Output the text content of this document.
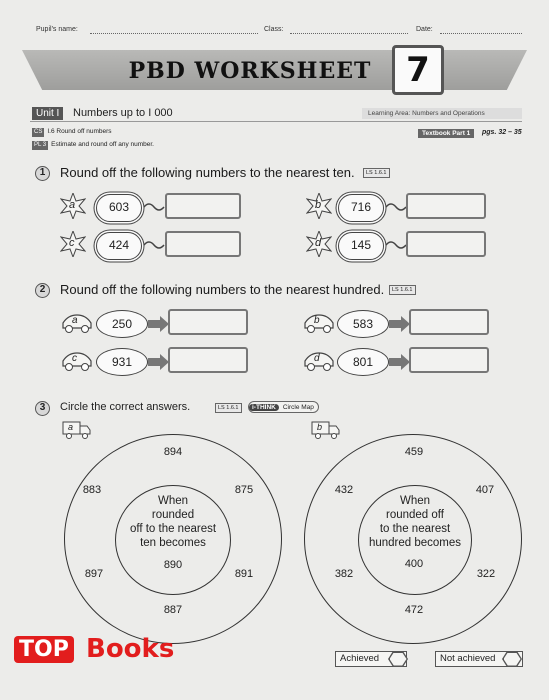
Pupil's name:	Class:	Date:
PBD WORKSHEET	7
Unit I	Numbers up to I 000	Learning Area: Numbers and Operations
CS I.6 Round off numbers
PL 3 Estimate and round off any number.
Textbook Part 1	pgs. 32 – 35
1	Round off the following numbers to the nearest ten.	LS 1.6.1
a	603	b	716
c	424	d	145
2	Round off the following numbers to the nearest hundred.	LS 1.6.1
a	250	b	583
c	931	d	801
3	Circle the correct answers.	LS 1.6.1	i-THINK	Circle Map
a	b
When
rounded
off to the nearest
ten becomes
894
883	875
890
897	891
887
When
rounded off
to the nearest
hundred becomes
459
432	407
400
382	322
472
Achieved	Not achieved
TOP Books
